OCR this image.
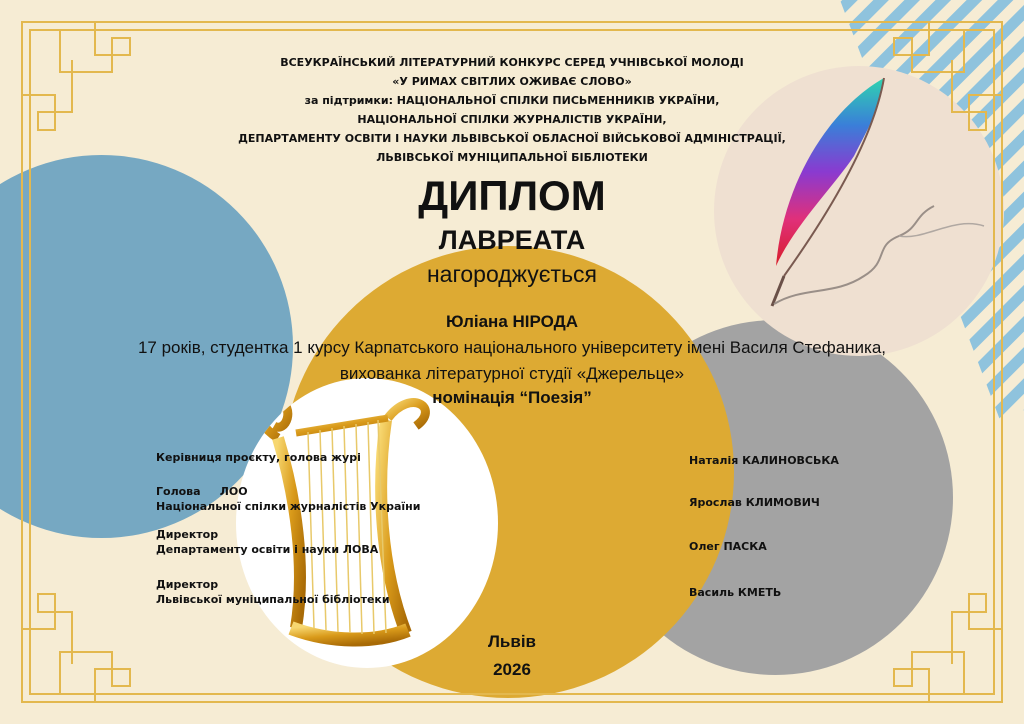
ВСЕУКРАЇНСЬКИЙ ЛІТЕРАТУРНИЙ КОНКУРС СЕРЕД УЧНІВСЬКОЇ МОЛОДІ
«У РИМАХ СВІТЛИХ ОЖИВАЄ СЛОВО»
за підтримки: НАЦІОНАЛЬНОЇ СПІЛКИ ПИСЬМЕННИКІВ УКРАЇНИ,
НАЦІОНАЛЬНОЇ СПІЛКИ ЖУРНАЛІСТІВ УКРАЇНИ,
ДЕПАРТАМЕНТУ ОСВІТИ І НАУКИ ЛЬВІВСЬКОЇ ОБЛАСНОЇ ВІЙСЬКОВОЇ АДМІНІСТРАЦІЇ,
ЛЬВІВСЬКОЇ МУНІЦИПАЛЬНОЇ БІБЛІОТЕКИ
ДИПЛОМ
ЛАВРЕАТА
нагороджується
Юліана НІРОДА
17 років, студентка 1 курсу Карпатського національного університету імені Василя Стефаника,
вихованка літературної студії «Джерельце»
номінація “Поезія”
Керівниця проєкту, голова журі
Голова     ЛОО
Національної спілки журналістів України
Директор
Департаменту освіти і науки ЛОВА
Директор
Львівської муніципальної бібліотеки
Наталія КАЛИНОВСЬКА
Ярослав КЛИМОВИЧ
Олег ПАСКА
Василь КМЕТЬ
Львів
2026
